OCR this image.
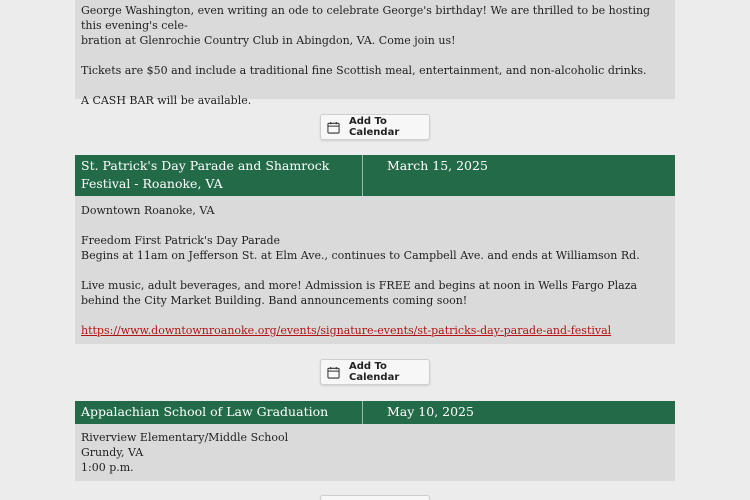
George Washington, even writing an ode to celebrate George's birthday! We are thrilled to be hosting this evening's cele-

bration at Glenrochie Country Club in Abingdon, VA. Come join us!

Tickets are $50 and include a traditional fine Scottish meal, entertainment, and non-alcoholic drinks.

A CASH BAR will be available.

Add To Calendar
St. Patrick's Day Parade and Shamrock Festival - Roanoke, VA
March 15, 2025

Downtown Roanoke, VA

Freedom First Patrick's Day Parade

Begins at 11am on Jefferson St. at Elm Ave., continues to Campbell Ave. and ends at Williamson Rd.

Live music, adult beverages, and more! Admission is FREE and begins at noon in Wells Fargo Plaza behind the City Market Building. Band announcements coming soon!

https://www.downtownroanoke.org/events/signature-events/st-patricks-day-parade-and-festival

Add To Calendar
Appalachian School of Law Graduation	May 10, 2025

Riverview Elementary/Middle School

Grundy, VA

1:00 p.m.
